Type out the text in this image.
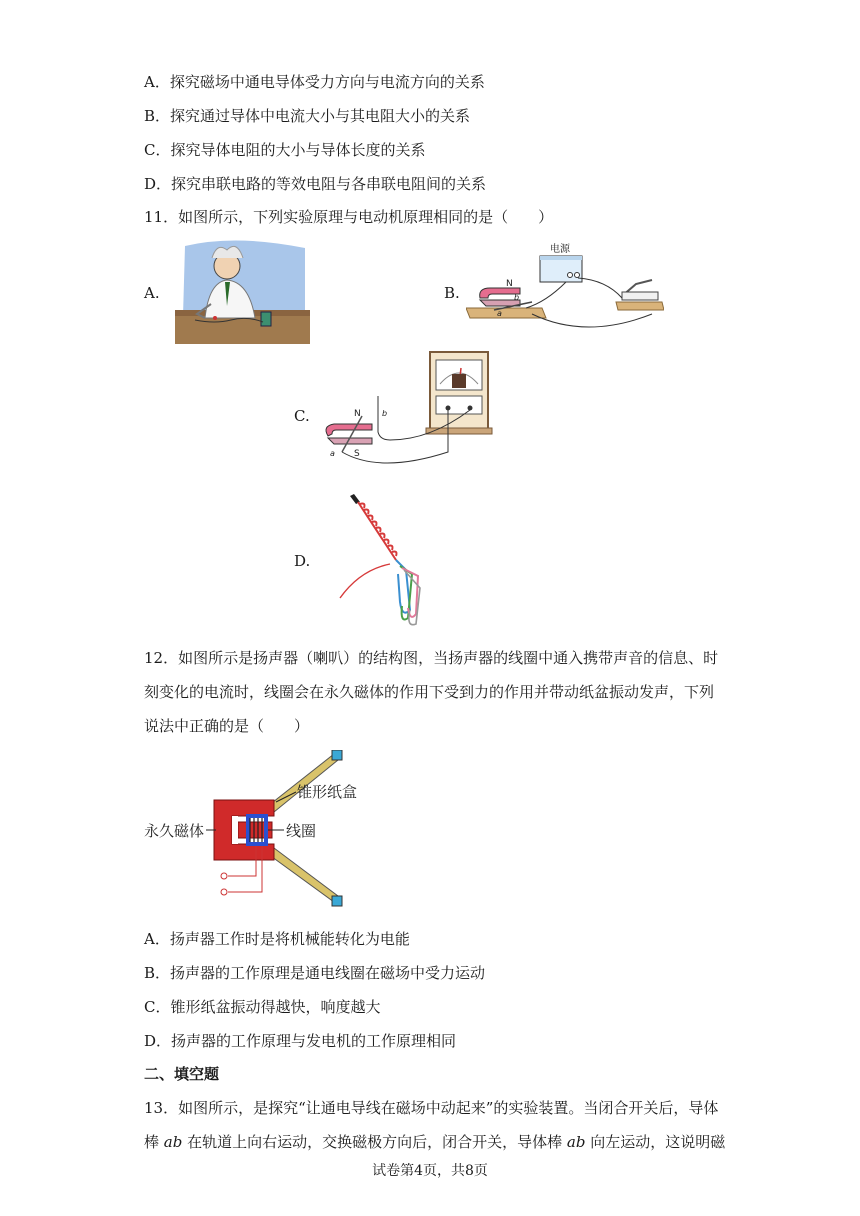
A．探究磁场中通电导体受力方向与电流方向的关系
B．探究通过导体中电流大小与其电阻大小的关系
C．探究导体电阻的大小与导体长度的关系
D．探究串联电路的等效电阻与各串联电阻间的关系
11．如图所示，下列实验原理与电动机原理相同的是（　　）
A.	B.
电源
N
a
b
C.	N
S
a
b
D.
12．如图所示是扬声器（喇叭）的结构图，当扬声器的线圈中通入携带声音的信息、时
刻变化的电流时，线圈会在永久磁体的作用下受到力的作用并带动纸盆振动发声，下列
说法中正确的是（　　）
锥形纸盒
线圈
永久磁体
A．扬声器工作时是将机械能转化为电能
B．扬声器的工作原理是通电线圈在磁场中受力运动
C．锥形纸盆振动得越快，响度越大
D．扬声器的工作原理与发电机的工作原理相同
二、填空题
13．如图所示，是探究“让通电导线在磁场中动起来”的实验装置。当闭合开关后，导体
棒 ab 在轨道上向右运动，交换磁极方向后，闭合开关，导体棒 ab 向左运动，这说明磁
试卷第4页，共8页
